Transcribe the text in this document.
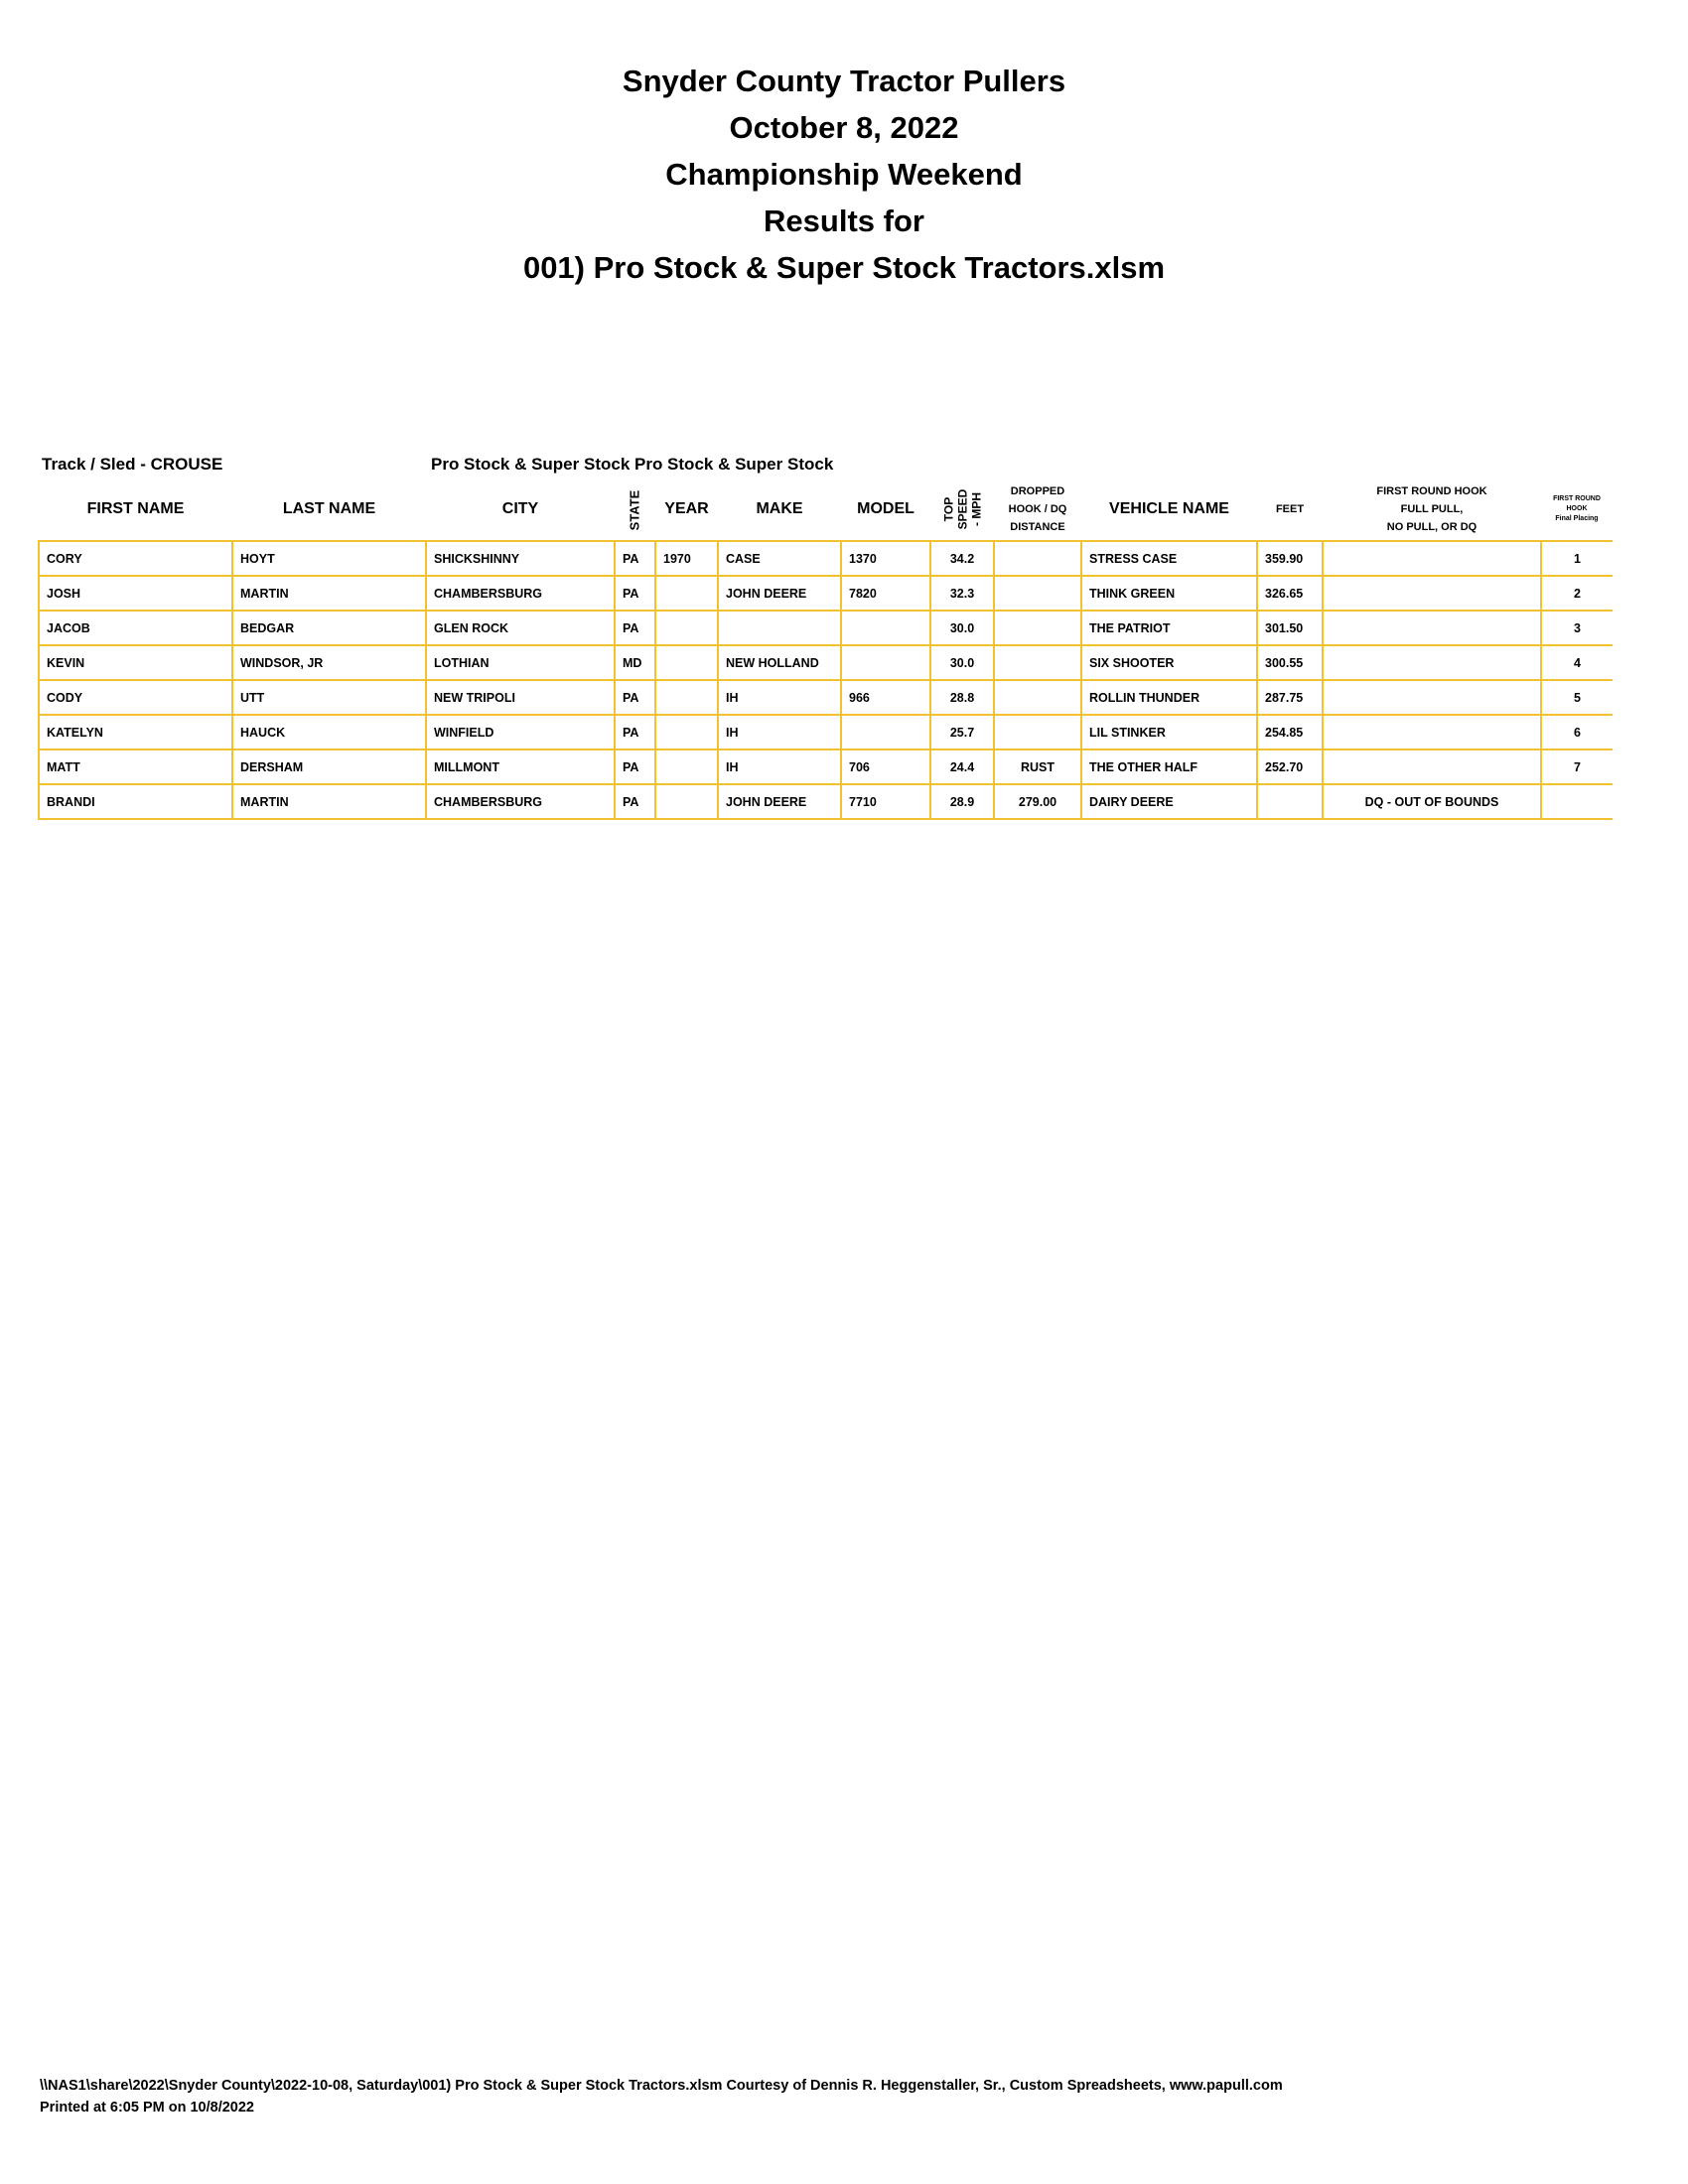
Snyder County Tractor Pullers
October 8, 2022
Championship Weekend
Results for
001) Pro Stock & Super Stock Tractors.xlsm
Track / Sled - CROUSE	Pro Stock & Super Stock Pro Stock & Super Stock
FIRST NAME	LAST NAME	CITY	STATE	YEAR	MAKE	MODEL	TOP
SPEED
- MPH	DROPPED
HOOK / DQ
DISTANCE	VEHICLE NAME	FEET	FIRST ROUND HOOK
FULL PULL,
NO PULL, OR DQ	FIRST ROUND
HOOK
Final Placing
CORY	HOYT	SHICKSHINNY	PA	1970	CASE	1370	34.2		STRESS CASE	359.90		1
JOSH	MARTIN	CHAMBERSBURG	PA		JOHN DEERE	7820	32.3		THINK GREEN	326.65		2
JACOB	BEDGAR	GLEN ROCK	PA				30.0		THE PATRIOT	301.50		3
KEVIN	WINDSOR, JR	LOTHIAN	MD		NEW HOLLAND		30.0		SIX SHOOTER	300.55		4
CODY	UTT	NEW TRIPOLI	PA		IH	966	28.8		ROLLIN THUNDER	287.75		5
KATELYN	HAUCK	WINFIELD	PA		IH		25.7		LIL STINKER	254.85		6
MATT	DERSHAM	MILLMONT	PA		IH	706	24.4	RUST	THE OTHER HALF	252.70		7
BRANDI	MARTIN	CHAMBERSBURG	PA		JOHN DEERE	7710	28.9	279.00	DAIRY DEERE		DQ - OUT OF BOUNDS	
\\NAS1\share\2022\Snyder County\2022-10-08, Saturday\001) Pro Stock & Super Stock Tractors.xlsm Courtesy of Dennis R. Heggenstaller, Sr., Custom Spreadsheets, www.papull.com
Printed at 6:05 PM on 10/8/2022
